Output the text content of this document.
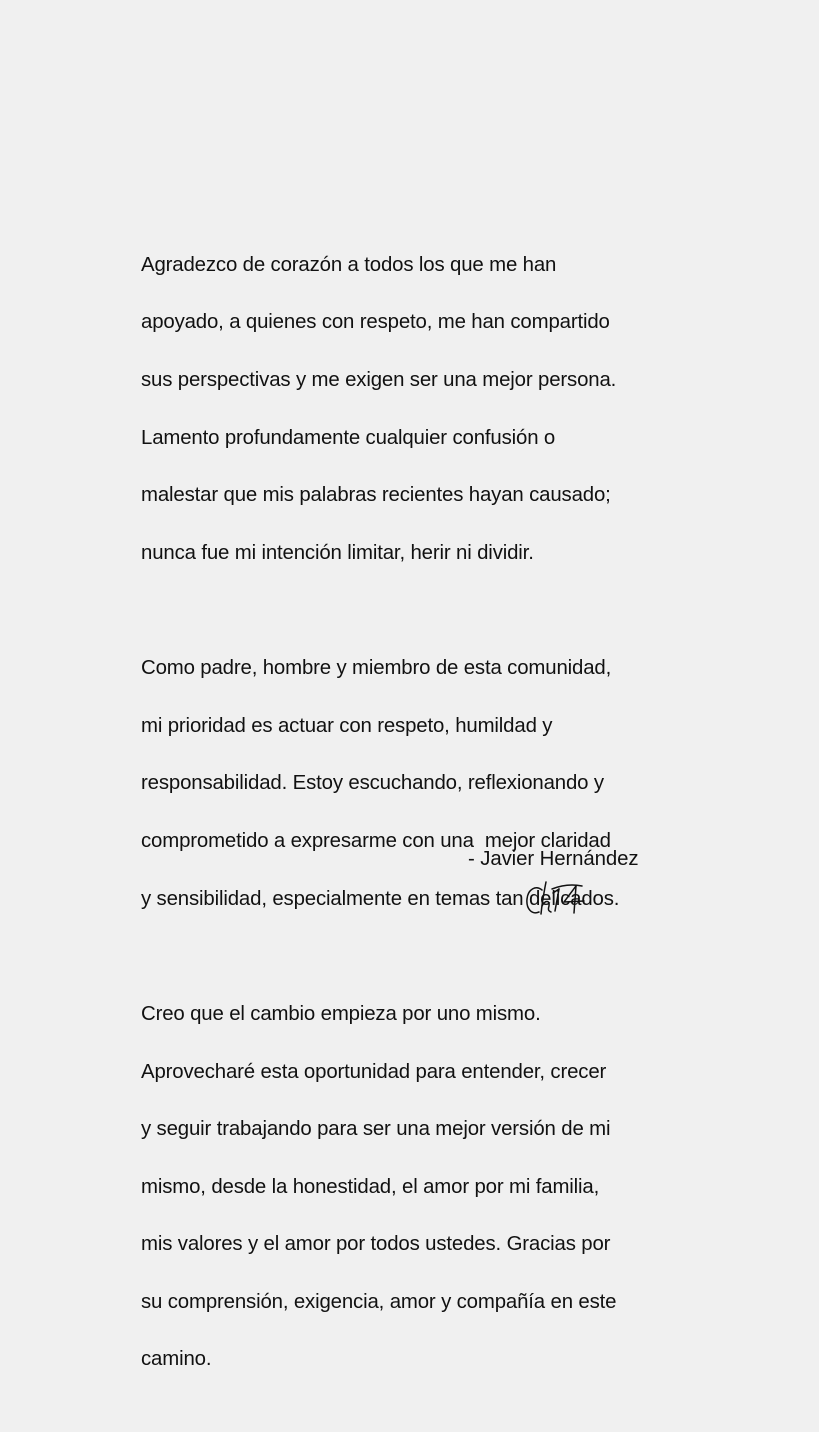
Agradezco de corazón a todos los que me han

apoyado, a quienes con respeto, me han compartido

sus perspectivas y me exigen ser una mejor persona.

Lamento profundamente cualquier confusión o

malestar que mis palabras recientes hayan causado;

nunca fue mi intención limitar, herir ni dividir.

Como padre, hombre y miembro de esta comunidad,

mi prioridad es actuar con respeto, humildad y

responsabilidad. Estoy escuchando, reflexionando y

comprometido a expresarme con una  mejor claridad

y sensibilidad, especialmente en temas tan delicados.

Creo que el cambio empieza por uno mismo.

Aprovecharé esta oportunidad para entender, crecer

y seguir trabajando para ser una mejor versión de mi

mismo, desde la honestidad, el amor por mi familia,

mis valores y el amor por todos ustedes. Gracias por

su comprensión, exigencia, amor y compañía en este

camino.

- Javier Hernández
